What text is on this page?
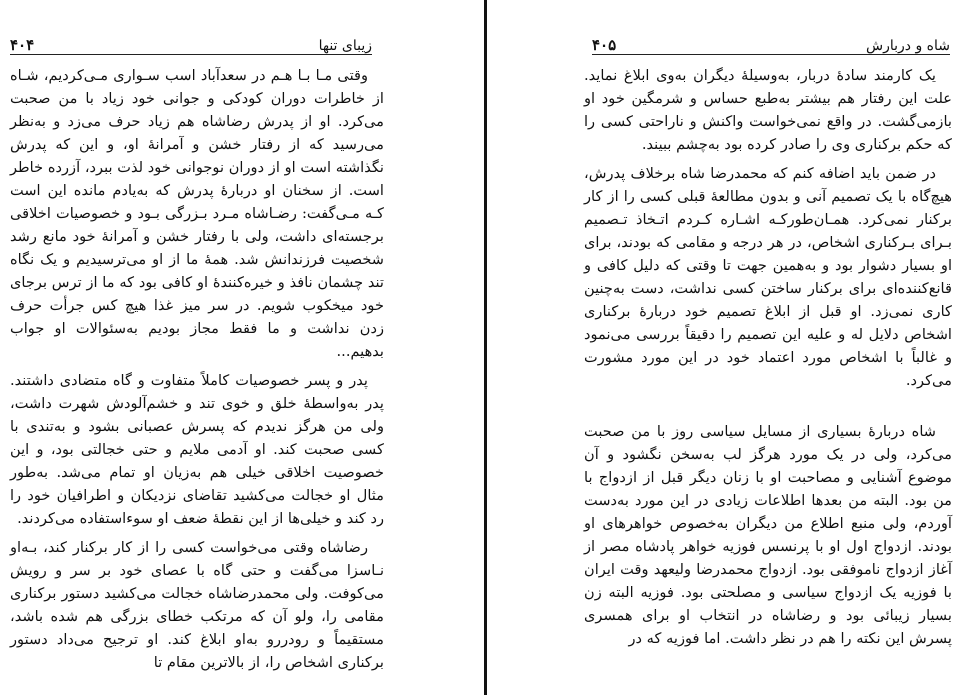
۴۰۴	زیبای تنها

وقتی مـا بـا هـم در سعدآباد اسب سـواری مـی‌کردیم، شـاه از خاطرات دوران کودکی و جوانی خود زیاد با من صحبت می‌کرد. او از پدرش رضاشاه هم زیاد حرف می‌زد و به‌نظر می‌رسید که از رفتار خشن و آمرانهٔ او، و این که پدرش نگذاشته است او از دوران نوجوانی خود لذت ببرد، آزرده خاطر است. از سخنان او دربارهٔ پدرش که به‌یادم مانده این است کـه مـی‌گفت: رضـاشاه مـرد بـزرگی بـود و خصوصیات اخلاقی برجسته‌ای داشت، ولی با رفتار خشن و آمرانهٔ خود مانع رشد شخصیت فرزندانش شد. همهٔ ما از او می‌ترسیدیم و یک نگاه تند چشمان نافذ و خیره‌کنندهٔ او کافی بود که ما از ترس برجای خود میخکوب شویم. در سر میز غذا هیچ کس جرأت حرف زدن نداشت و ما فقط مجاز بودیم به‌سئوالات او جواب بدهیم...

پدر و پسر خصوصیات کاملاً متفاوت و گاه متضادی داشتند. پدر به‌واسطهٔ خلق و خوی تند و خشم‌آلودش شهرت داشت، ولی من هرگز ندیدم که پسرش عصبانی بشود و به‌تندی با کسی صحبت کند. او آدمی ملایم و حتی خجالتی بود، و این خصوصیت اخلاقی خیلی هم به‌زیان او تمام می‌شد. به‌طور مثال او خجالت می‌کشید تقاضای نزدیکان و اطرافیان خود را رد کند و خیلی‌ها از این نقطهٔ ضعف او سوءاستفاده می‌کردند.

رضاشاه وقتی می‌خواست کسی را از کار برکنار کند، بـه‌او نـاسزا می‌گفت و حتی گاه با عصای خود بر سر و رویش می‌کوفت. ولی محمدرضاشاه خجالت می‌کشید دستور برکناری مقامی را، ولو آن که مرتکب خطای بزرگی هم شده باشد، مستقیماً و رودررو به‌او ابلاغ کند. او ترجیح می‌داد دستور برکناری اشخاص را، از بالاترین مقام تا

۴۰۵	شاه و دربارش

یک کارمند سادهٔ دربار، به‌وسیلهٔ دیگران به‌وی ابلاغ نماید. علت این رفتار هم بیشتر به‌طبع حساس و شرمگین خود او بازمی‌گشت. در واقع نمی‌خواست واکنش و ناراحتی کسی را که حکم برکناری وی را صادر کرده بود به‌چشم ببیند.

در ضمن باید اضافه کنم که محمدرضا شاه برخلاف پدرش، هیچ‌گاه با یک تصمیم آنی و بدون مطالعهٔ قبلی کسی را از کار برکنار نمی‌کرد. همـان‌طورکـه اشـاره کـردم اتـخاذ تـصمیم بـرای بـرکناری اشخاص، در هر درجه و مقامی که بودند، برای او بسیار دشوار بود و به‌همین جهت تا وقتی که دلیل کافی و قانع‌کننده‌ای برای برکنار ساختن کسی نداشت، دست به‌چنین کاری نمی‌زد. او قبل از ابلاغ تصمیم خود دربارهٔ برکناری اشخاص دلایل له و علیه این تصمیم را دقیقاً بررسی می‌نمود و غالباً با اشخاص مورد اعتماد خود در این مورد مشورت می‌کرد.

شاه دربارهٔ بسیاری از مسایل سیاسی روز با من صحبت می‌کرد، ولی در یک مورد هرگز لب به‌سخن نگشود و آن موضوع آشنایی و مصاحبت او با زنان دیگر قبل از ازدواج با من بود. البته من بعدها اطلاعات زیادی در این مورد به‌دست آوردم، ولی منبع اطلاع من دیگران به‌خصوص خواهرهای او بودند. ازدواج اول او با پرنسس فوزیه خواهر پادشاه مصر از آغاز ازدواج ناموفقی بود. ازدواج محمدرضا ولیعهد وقت ایران با فوزیه یک ازدواج سیاسی و مصلحتی بود. فوزیه البته زن بسیار زیبائی بود و رضاشاه در انتخاب او برای همسری پسرش این نکته را هم در نظر داشت. اما فوزیه که در
